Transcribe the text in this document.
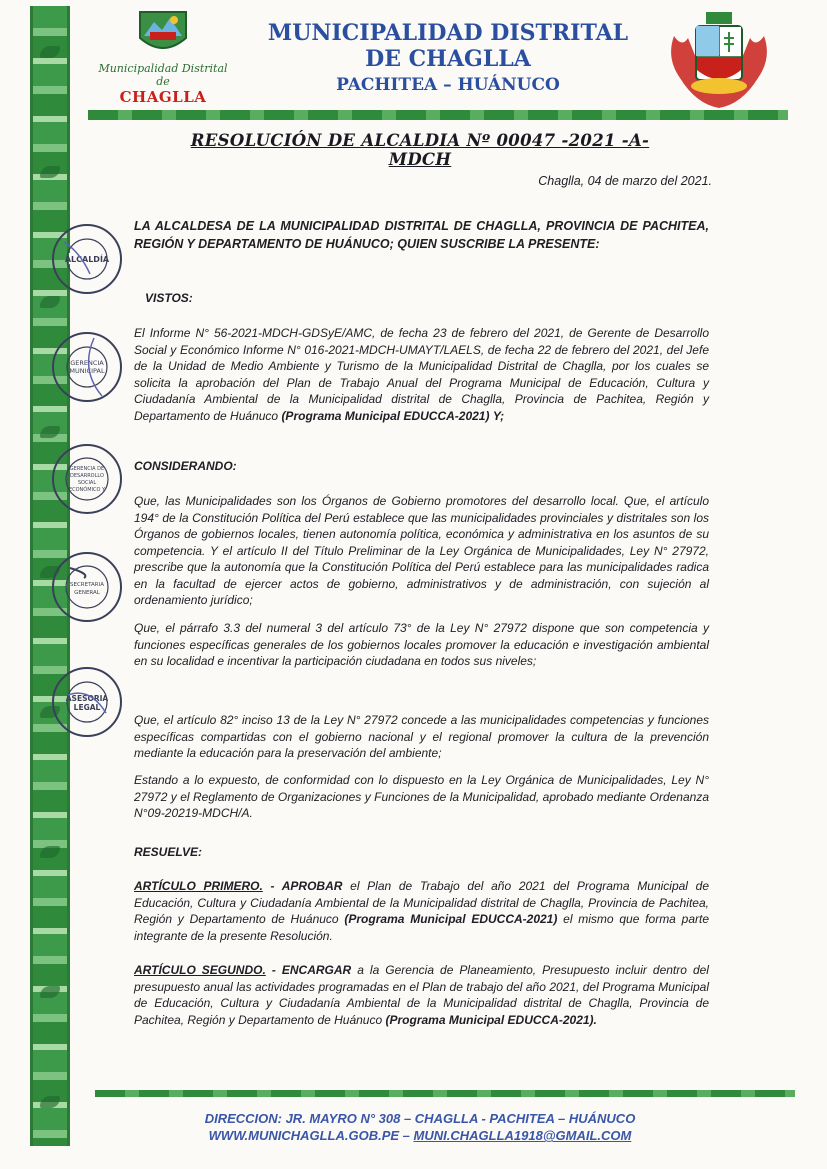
Municipalidad Distrital de
CHAGLLA
MUNICIPALIDAD DISTRITAL
DE CHAGLLA
PACHITEA – HUÁNUCO
RESOLUCIÓN DE ALCALDIA Nº 00047 -2021 -A-MDCH
Chaglla, 04 de marzo del 2021.
LA ALCALDESA DE LA MUNICIPALIDAD DISTRITAL DE CHAGLLA, PROVINCIA DE PACHITEA, REGIÓN Y DEPARTAMENTO DE HUÁNUCO; QUIEN SUSCRIBE LA PRESENTE:
VISTOS:
El Informe N° 56-2021-MDCH-GDSyE/AMC, de fecha 23 de febrero del 2021, de Gerente de Desarrollo Social y Económico Informe N° 016-2021-MDCH-UMAYT/LAELS, de fecha 22 de febrero del 2021, del Jefe de la Unidad de Medio Ambiente y Turismo de la Municipalidad Distrital de Chaglla, por los cuales se solicita la aprobación del Plan de Trabajo Anual del Programa Municipal de Educación, Cultura y Ciudadanía Ambiental de la Municipalidad distrital de Chaglla, Provincia de Pachitea, Región y Departamento de Huánuco (Programa Municipal EDUCCA-2021) Y;
CONSIDERANDO:
Que, las Municipalidades son los Órganos de Gobierno promotores del desarrollo local. Que, el artículo 194° de la Constitución Política del Perú establece que las municipalidades provinciales y distritales son los Órganos de gobiernos locales, tienen autonomía política, económica y administrativa en los asuntos de su competencia. Y el artículo II del Título Preliminar de la Ley Orgánica de Municipalidades, Ley N° 27972, prescribe que la autonomía que la Constitución Política del Perú establece para las municipalidades radica en la facultad de ejercer actos de gobierno, administrativos y de administración, con sujeción al ordenamiento jurídico;
Que, el párrafo 3.3 del numeral 3 del artículo 73° de la Ley N° 27972 dispone que son competencia y funciones específicas generales de los gobiernos locales promover la educación e investigación ambiental en su localidad e incentivar la participación ciudadana en todos sus niveles;
Que, el artículo 82° inciso 13 de la Ley N° 27972 concede a las municipalidades competencias y funciones específicas compartidas con el gobierno nacional y el regional promover la cultura de la prevención mediante la educación para la preservación del ambiente;
Estando a lo expuesto, de conformidad con lo dispuesto en la Ley Orgánica de Municipalidades, Ley N° 27972 y el Reglamento de Organizaciones y Funciones de la Municipalidad, aprobado mediante Ordenanza N°09-20219-MDCH/A.
RESUELVE:
ARTÍCULO PRIMERO. - APROBAR el Plan de Trabajo del año 2021 del Programa Municipal de Educación, Cultura y Ciudadanía Ambiental de la Municipalidad distrital de Chaglla, Provincia de Pachitea, Región y Departamento de Huánuco (Programa Municipal EDUCCA-2021) el mismo que forma parte integrante de la presente Resolución.
ARTÍCULO SEGUNDO. - ENCARGAR a la Gerencia de Planeamiento, Presupuesto incluir dentro del presupuesto anual las actividades programadas en el Plan de trabajo del año 2021, del Programa Municipal de Educación, Cultura y Ciudadanía Ambiental de la Municipalidad distrital de Chaglla, Provincia de Pachitea, Región y Departamento de Huánuco (Programa Municipal EDUCCA-2021).
ALCALDÍA
GERENCIA
MUNICIPAL
GERENCIA DE
DESARROLLO
SOCIAL
ECONÓMICO Y
SECRETARIA
GENERAL
ASESORIA
LEGAL
DIRECCION: JR. MAYRO N° 308 – CHAGLLA - PACHITEA – HUÁNUCO
WWW.MUNICHAGLLA.GOB.PE – MUNI.CHAGLLA1918@GMAIL.COM
